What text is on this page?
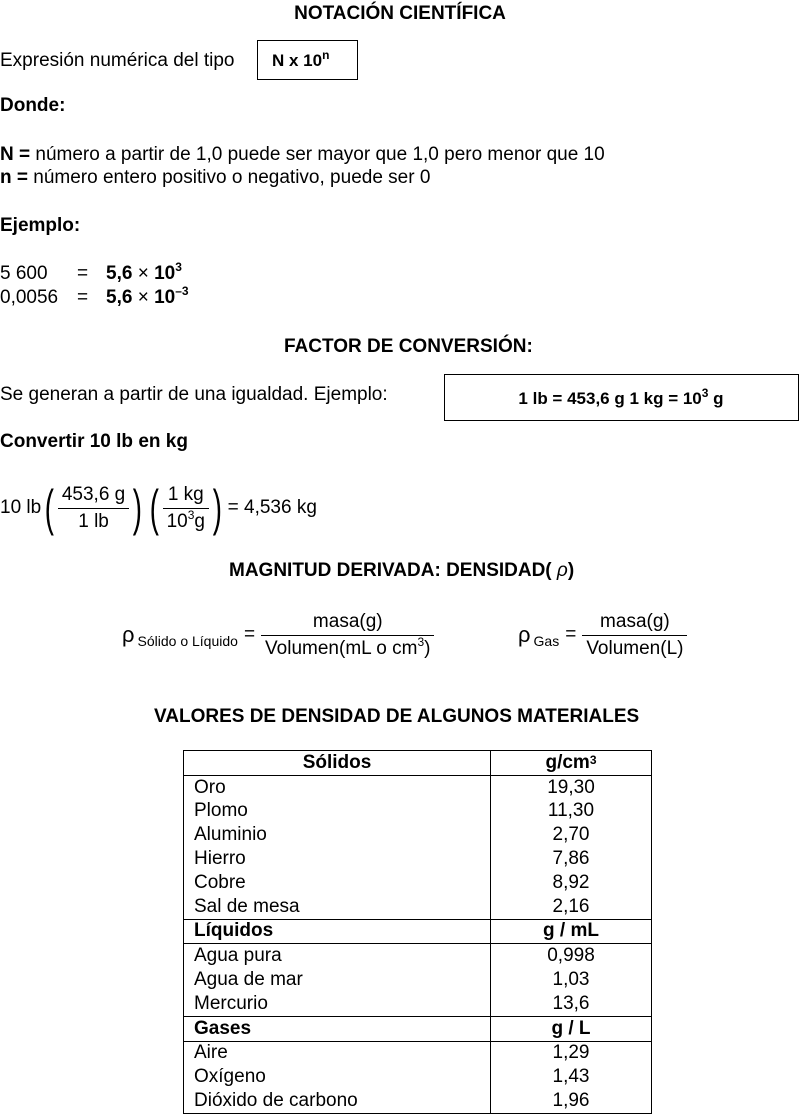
NOTACIÓN CIENTÍFICA
Expresión numérica del tipo N x 10$^n$
Donde:
N = número a partir de 1,0 puede ser mayor que 1,0 pero menor que 10
n = número entero positivo o negativo, puede ser 0
Ejemplo:
5 $600 = 5,6 \times 10^3$
$0,0056 = 5,6 \times 10^{-3}$
FACTOR DE CONVERSIÓN:
Se generan a partir de una igualdad. Ejemplo:	1 lb = 453,6 g 1 kg = $10^3$ g
Convertir 10 lb en kg
10 lb ( $\frac{453,6 g}{1 lb}$ ) ( $\frac{1 kg}{10^3g}$ ) = 4,536 kg
MAGNITUD DERIVADA: DENSIDAD( ρ)
ρ Sólido o Líquido = $\frac{\text{masa(g)}}{Volumen(mL o cm^3)}$	ρ Gas = $\frac{\text{masa(g)}}{\text{Volumen(L)}}$
VALORES DE DENSIDAD DE ALGUNOS MATERIALES
Sólidos	$g/cm^3$
Oro	19,30
Plomo	11,30
Aluminio	2,70
Hierro	7,86
Cobre	8,92
Sal de mesa	2,16
Líquidos	g / mL
Agua pura	0,998
Agua de mar	1,03
Mercurio	13,6
Gases	g / L
Aire	1,29
Oxígeno	1,43
Dióxido de carbono	1,96
